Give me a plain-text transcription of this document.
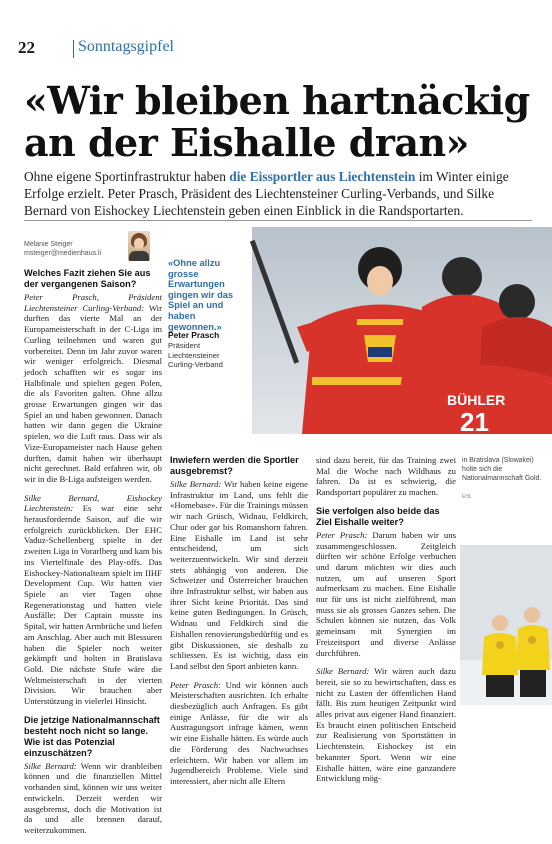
22	Sonntagsgipfel
«Wir bleiben hartnäckig an der Eishalle dran»

Ohne eigene Sportinfrastruktur haben die Eissportler aus Liechtenstein im Winter einige Erfolge erzielt. Peter Prasch, Präsident des Liechtensteiner Curling-Verbands, und Silke Bernard von Eishockey Liechtenstein geben einen Einblick in die Randsportarten.

Melanie Steiger
msteiger@medienhaus.li
Welches Fazit ziehen Sie aus der vergangenen Saison?
Peter Prasch, Präsident Liechtensteiner Curling-Verband: Wir durften das vierte Mal an der Europameisterschaft in der C-Liga im Curling teilnehmen und waren gut vorbereitet. Denn im Jahr zuvor waren wir weniger erfolgreich. Diesmal jedoch schafften wir es sogar ins Halbfinale und spielten gegen Polen, die als Favoriten galten. Ohne allzu grosse Erwartungen gingen wir das Spiel an und haben gewonnen. Danach hatten wir dann gegen die Ukraine spielen, wo die Luft raus. Dass wir als Vize-Europameister nach Hause gehen durften, damit haben wir überhaupt nicht gerechnet. Bald erfahren wir, ob wir in die B-Liga aufsteigen werden.
Silke Bernard, Eishockey Liechtenstein: Es war eine sehr herausfordernde Saison, auf die wir erfolgreich zurückblicken. Der EHC Vaduz-Schellenberg spielte in der zweiten Liga in Vorarlberg und kam bis ins Viertelfinale des Play-offs. Das Eishockey-Nationalteam spielt im IIHF Development Cup. Wir hatten vier Spiele an vier Tagen ohne Regenerationstag und hatten viele Ausfälle: Der Captain musste ins Spital, wir hatten Armbrüche und liefen am Anschlag. Aber auch mit Blessuren haben die Spieler noch weiter gekämpft und holten in Bratislava Gold. Die nächste Stufe wäre die Weltmeisterschaft in der vierten Division. Wir brauchen aber Unterstützung in vielerlei Hinsicht.
Die jetzige Nationalmannschaft besteht noch nicht so lange. Wie ist das Potenzial einzuschätzen?
Silke Bernard: Wenn wir dranbleiben können und die finanziellen Mittel vorhanden sind, können wir uns weiter entwickeln. Derzeit werden wir ausgebremst, doch die Motivation ist da und alle brennen darauf, weiterzukommen.
«Ohne allzu grosse Erwartungen gingen wir das Spiel an und haben gewonnen.»
Peter Prasch
Präsident Liechtensteiner Curling-Verband
BÜHLER
21
Inwiefern werden die Sportler ausgebremst?
Silke Bernard: Wir haben keine eigene Infrastruktur im Land, uns fehlt die «Homebase». Für die Trainings müssen wir nach Grüsch, Widnau, Feldkirch, Chur oder gar bis Romanshorn fahren. Eine Eishalle im Land ist sehr entscheidend, um sich weiterzuentwickeln. Wir sind derzeit stets abhängig von anderen. Die Schweizer und Österreicher brauchen ihre Infrastruktur selbst, wir haben aus ihrer Sicht keine Priorität. Das sind keine guten Bedingungen. In Grüsch, Widnau und Feldkirch sind die Eishallen renovierungsbedürftig und es gibt Diskussionen, sie deshalb zu schliessen. Es ist wichtig, dass ein Land selbst den Sport anbieten kann.
Peter Prasch: Und wir können auch Meisterschaften ausrichten. Ich erhalte diesbezüglich auch Anfragen. Es gibt einige Anlässe, für die wir als Austragungsort infrage kämen, wenn wir eine Eishalle hätten. Es würde auch die Förderung des Nachwuchses erleichtern. Wir haben vor allem im Jugendbereich Probleme. Viele sind interessiert, aber nicht alle Eltern
sind dazu bereit, für das Training zwei Mal die Woche nach Wildhaus zu fahren. Da ist es schwierig, die Randsportart populärer zu machen.
Sie verfolgen also beide das Ziel Eishalle weiter?
Peter Prasch: Darum haben wir uns zusammengeschlossen. Zeitgleich dürften wir schöne Erfolge verbuchen und darum möchten wir dies auch nutzen, um auf unseren Sport aufmerksam zu machen. Eine Eishalle nur für uns ist nicht zielführend, man muss sie als grosses Ganzes sehen. Die Schulen können sie nutzen, das Volk gemeinsam mit Synergien im Freizeitsport und diverse Anlässe durchführen.
Silke Bernard: Wir wären auch dazu bereit, sie so zu bewirtschaften, dass es nicht zu Lasten der öffentlichen Hand fällt. Bis zum heutigen Zeitpunkt wird alles privat aus eigener Hand finanziert. Es braucht einen politischen Entscheid zur Realisierung von Sportstätten in Liechtenstein. Eishockey ist ein bekannter Sport. Wenn wir eine Eishalle hätten, wäre eine ganzandere Entwicklung mög-
in Bratislava (Slowakei) holte sich die Nationalmannschaft Gold.
EHL
